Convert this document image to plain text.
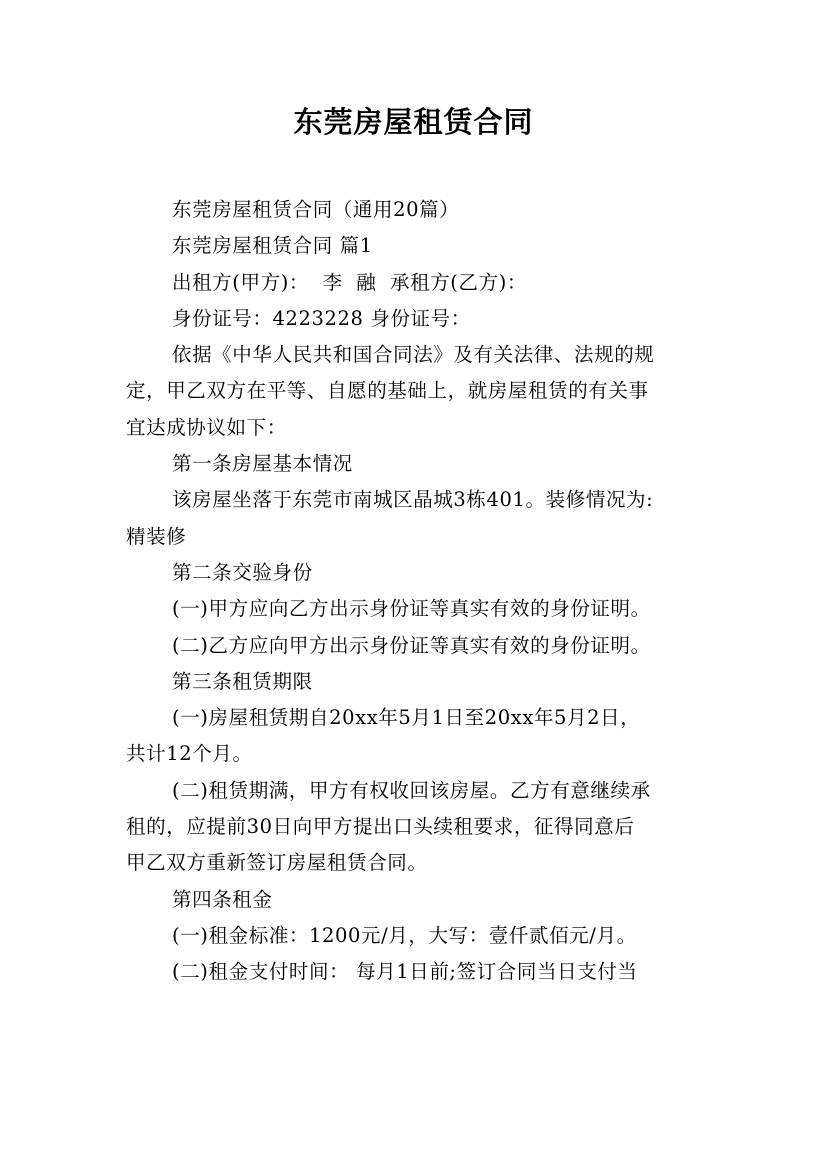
东莞房屋租赁合同
东莞房屋租赁合同（通用20篇）
东莞房屋租赁合同 篇1
出租方(甲方)：  李  融  承租方(乙方)：
身份证号：4223228 身份证号：
依据《中华人民共和国合同法》及有关法律、法规的规
定，甲乙双方在平等、自愿的基础上，就房屋租赁的有关事
宜达成协议如下：
第一条房屋基本情况
该房屋坐落于东莞市南城区晶城3栋401。装修情况为:
精装修
第二条交验身份
(一)甲方应向乙方出示身份证等真实有效的身份证明。
(二)乙方应向甲方出示身份证等真实有效的身份证明。
第三条租赁期限
(一)房屋租赁期自20xx年5月1日至20xx年5月2日，
共计12个月。
(二)租赁期满，甲方有权收回该房屋。乙方有意继续承
租的，应提前30日向甲方提出口头续租要求，征得同意后
甲乙双方重新签订房屋租赁合同。
第四条租金
(一)租金标准：1200元/月，大写：壹仟贰佰元/月。
(二)租金支付时间： 每月1日前;签订合同当日支付当
